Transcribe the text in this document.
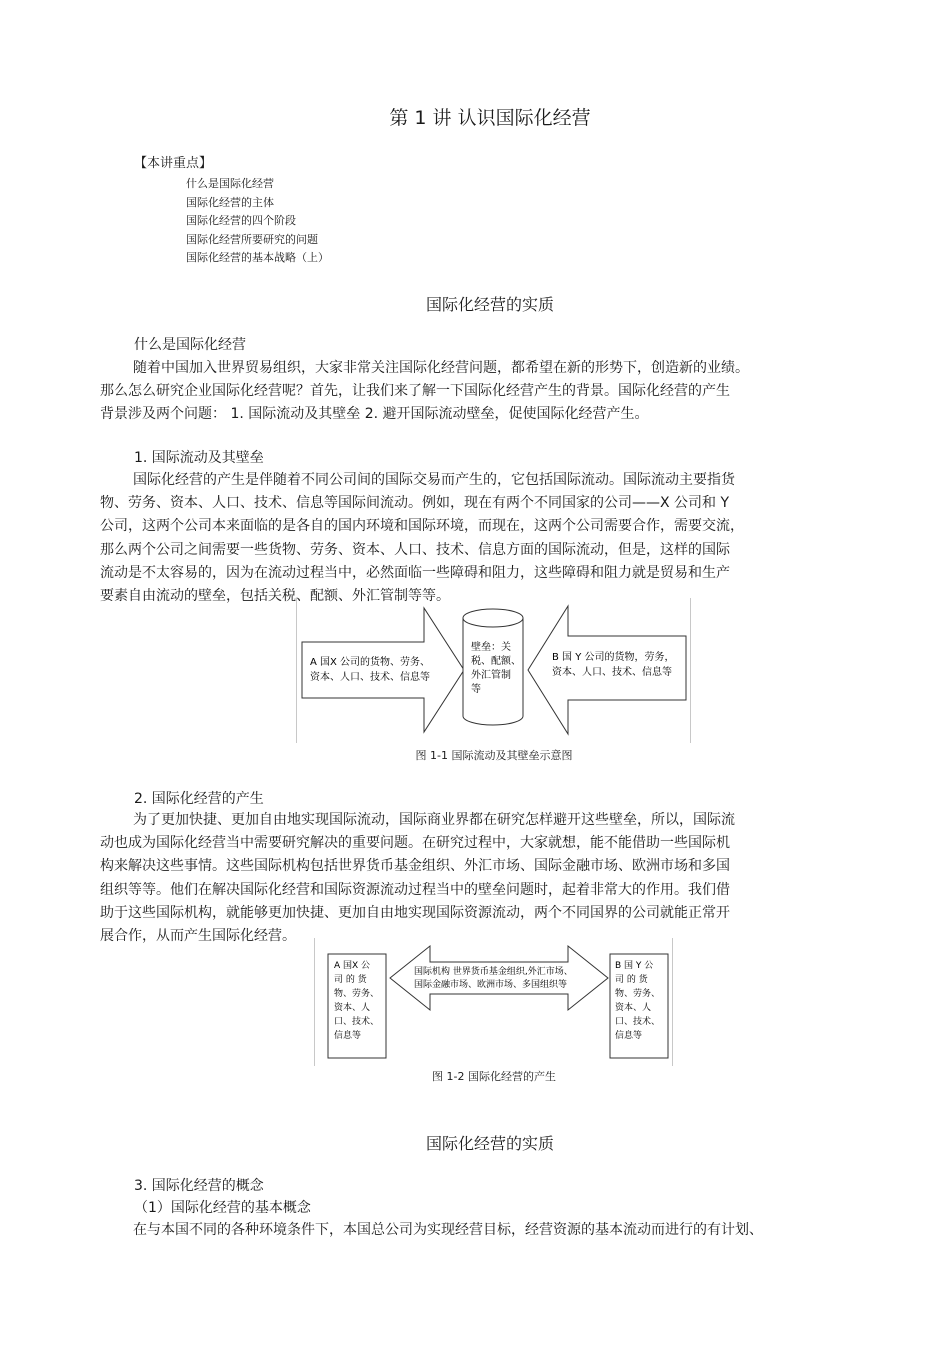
第 1 讲 认识国际化经营
【本讲重点】
什么是国际化经营
国际化经营的主体
国际化经营的四个阶段
国际化经营所要研究的问题
国际化经营的基本战略（上）
国际化经营的实质
什么是国际化经营
随着中国加入世界贸易组织，大家非常关注国际化经营问题，都希望在新的形势下，创造新的业绩。
那么怎么研究企业国际化经营呢？首先，让我们来了解一下国际化经营产生的背景。国际化经营的产生
背景涉及两个问题： 1. 国际流动及其壁垒 2. 避开国际流动壁垒，促使国际化经营产生。
1. 国际流动及其壁垒
国际化经营的产生是伴随着不同公司间的国际交易而产生的，它包括国际流动。国际流动主要指货
物、劳务、资本、人口、技术、信息等国际间流动。例如，现在有两个不同国家的公司——X 公司和 Y
公司，这两个公司本来面临的是各自的国内环境和国际环境，而现在，这两个公司需要合作，需要交流，
那么两个公司之间需要一些货物、劳务、资本、人口、技术、信息方面的国际流动，但是，这样的国际
流动是不太容易的，因为在流动过程当中，必然面临一些障碍和阻力，这些障碍和阻力就是贸易和生产
要素自由流动的壁垒，包括关税、配额、外汇管制等等。
A 国X 公司的货物、劳务、
资本、人口、技术、信息等
壁垒：关
税、配额、
外汇管制
等
B 国 Y 公司的货物，劳务，
资本、人口、技术、信息等
图 1-1 国际流动及其壁垒示意图
2. 国际化经营的产生
为了更加快捷、更加自由地实现国际流动，国际商业界都在研究怎样避开这些壁垒，所以，国际流
动也成为国际化经营当中需要研究解决的重要问题。在研究过程中，大家就想，能不能借助一些国际机
构来解决这些事情。这些国际机构包括世界货币基金组织、外汇市场、国际金融市场、欧洲市场和多国
组织等等。他们在解决国际化经营和国际资源流动过程当中的壁垒问题时，起着非常大的作用。我们借
助于这些国际机构，就能够更加快捷、更加自由地实现国际资源流动，两个不同国界的公司就能正常开
展合作，从而产生国际化经营。
A 国X 公
司 的 货
物、劳务、
资本、人
口、技术、
信息等
国际机构 世界货币基金组织,外汇市场、
国际金融市场、欧洲市场、多国组织等
B 国 Y 公
司 的 货
物、劳务、
资本、人
口、技术、
信息等
图 1-2 国际化经营的产生
国际化经营的实质
3. 国际化经营的概念
（1）国际化经营的基本概念
在与本国不同的各种环境条件下，本国总公司为实现经营目标，经营资源的基本流动而进行的有计划、
